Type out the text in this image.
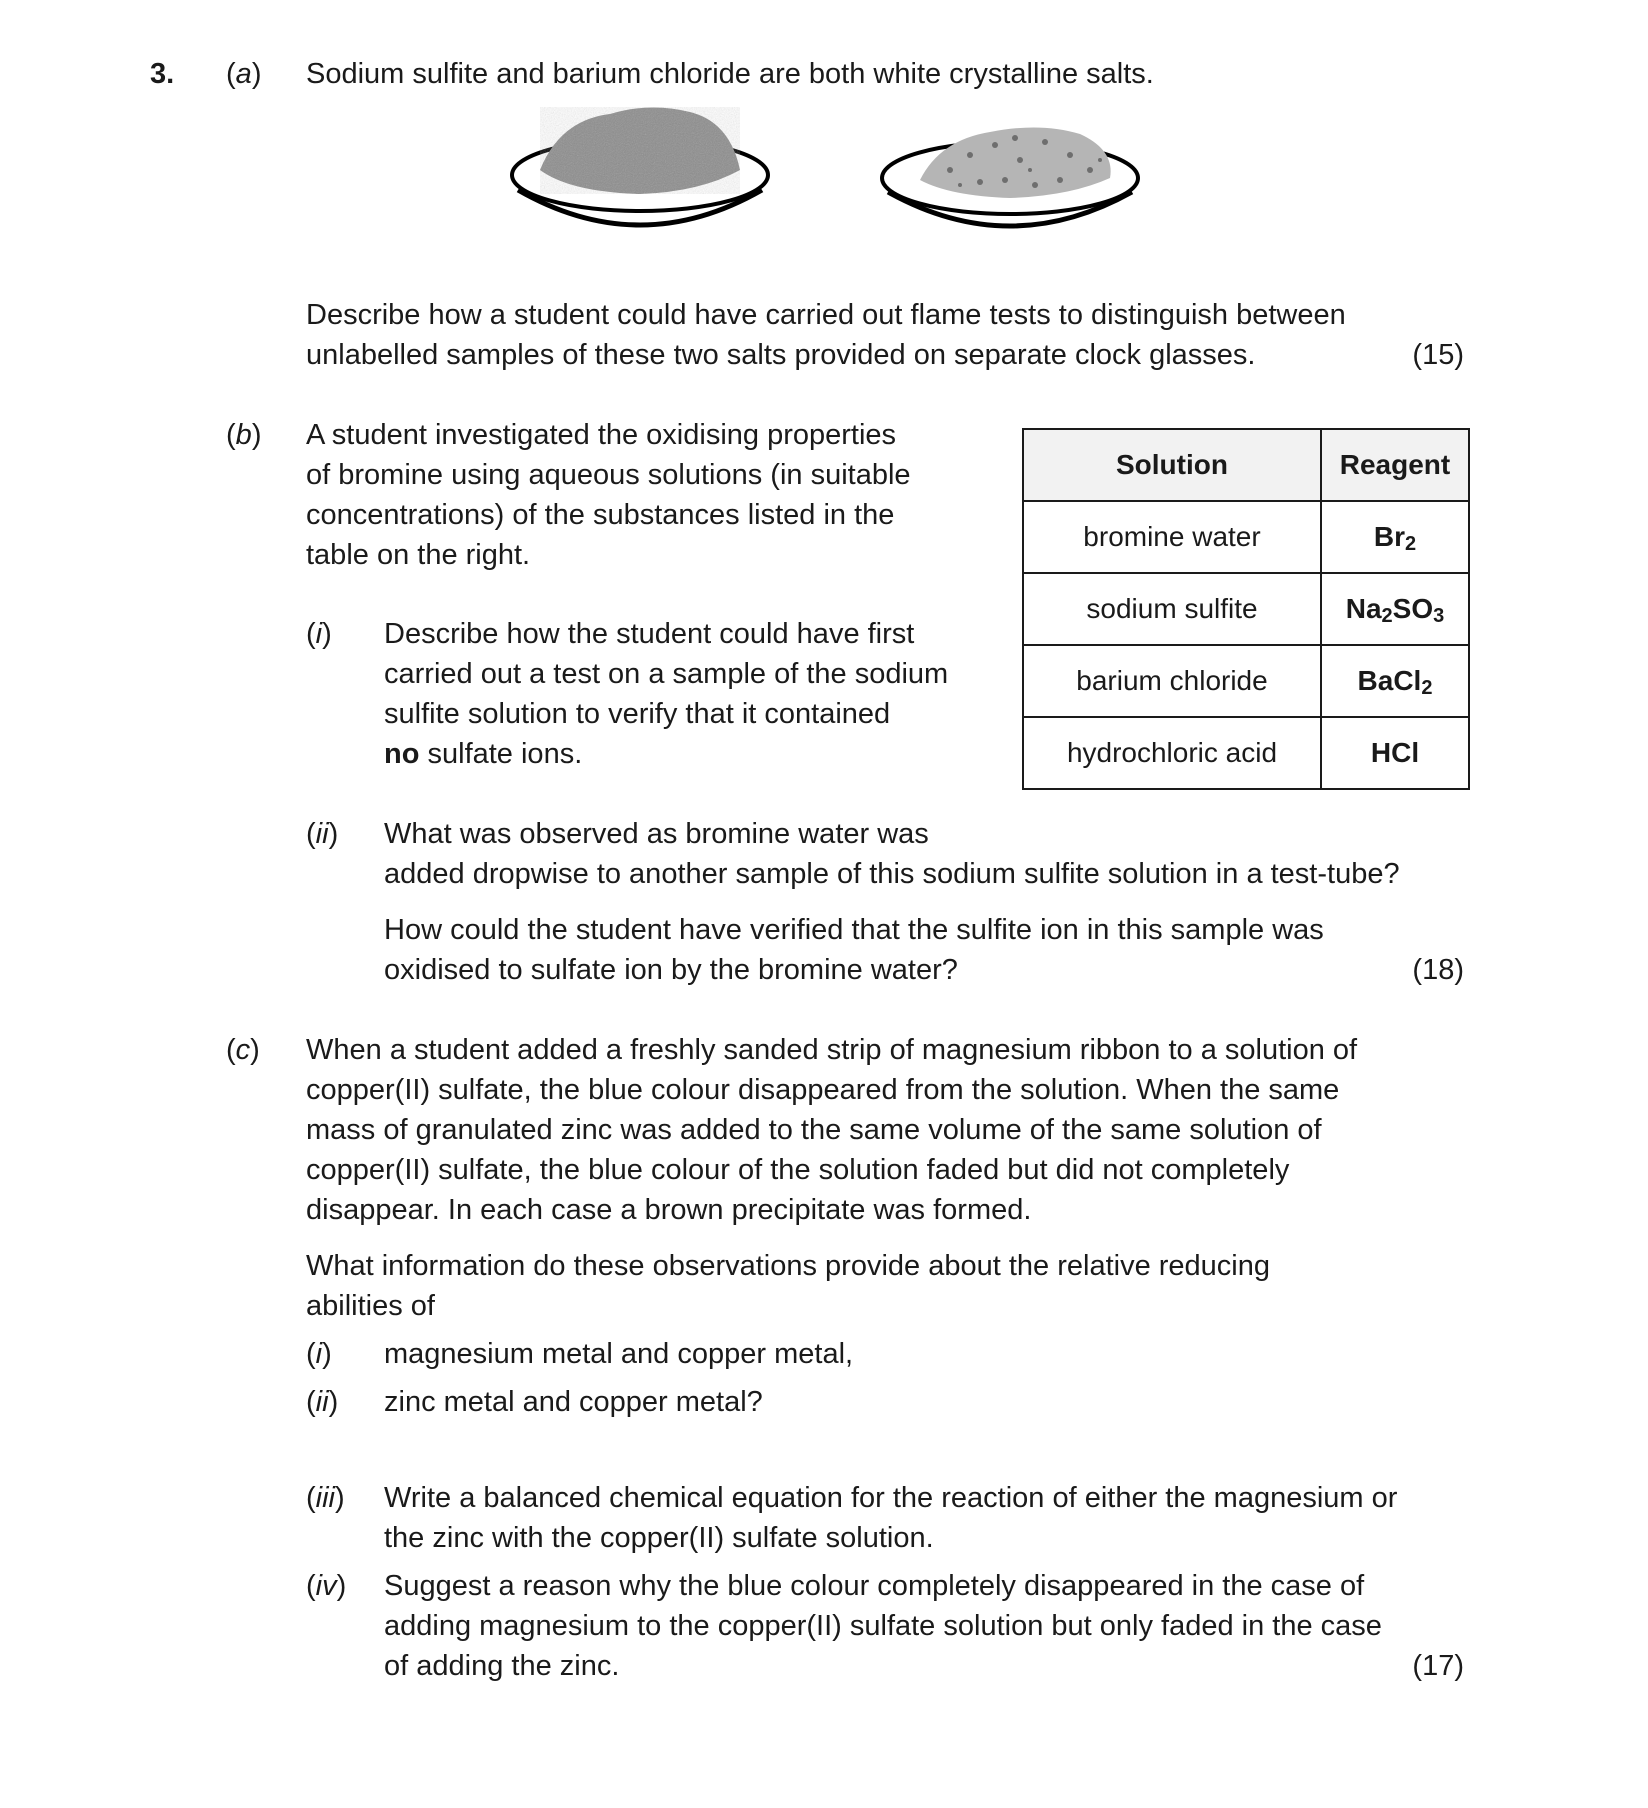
3. (a) Sodium sulfite and barium chloride are both white crystalline salts.
Describe how a student could have carried out flame tests to distinguish between
unlabelled samples of these two salts provided on separate clock glasses.	(15)
(b) A student investigated the oxidising properties
of bromine using aqueous solutions (in suitable
concentrations) of the substances listed in the
table on the right.
(i) Describe how the student could have first
carried out a test on a sample of the sodium
sulfite solution to verify that it contained
no sulfate ions.
Solution	Reagent
bromine water	$Br_2$
sodium sulfite	$Na_2SO_3$
barium chloride	BaCl$_2$
hydrochloric acid	HCl
(ii) What was observed as bromine water was
added dropwise to another sample of this sodium sulfite solution in a test-tube?
How could the student have verified that the sulfite ion in this sample was
oxidised to sulfate ion by the bromine water?	(18)
(c) When a student added a freshly sanded strip of magnesium ribbon to a solution of
copper(II) sulfate, the blue colour disappeared from the solution. When the same
mass of granulated zinc was added to the same volume of the same solution of
copper(II) sulfate, the blue colour of the solution faded but did not completely
disappear. In each case a brown precipitate was formed.
What information do these observations provide about the relative reducing
abilities of
(i) magnesium metal and copper metal,
(ii) zinc metal and copper metal?
(iii) Write a balanced chemical equation for the reaction of either the magnesium or
the zinc with the copper(II) sulfate solution.
(iv) Suggest a reason why the blue colour completely disappeared in the case of
adding magnesium to the copper(II) sulfate solution but only faded in the case
of adding the zinc.	(17)
